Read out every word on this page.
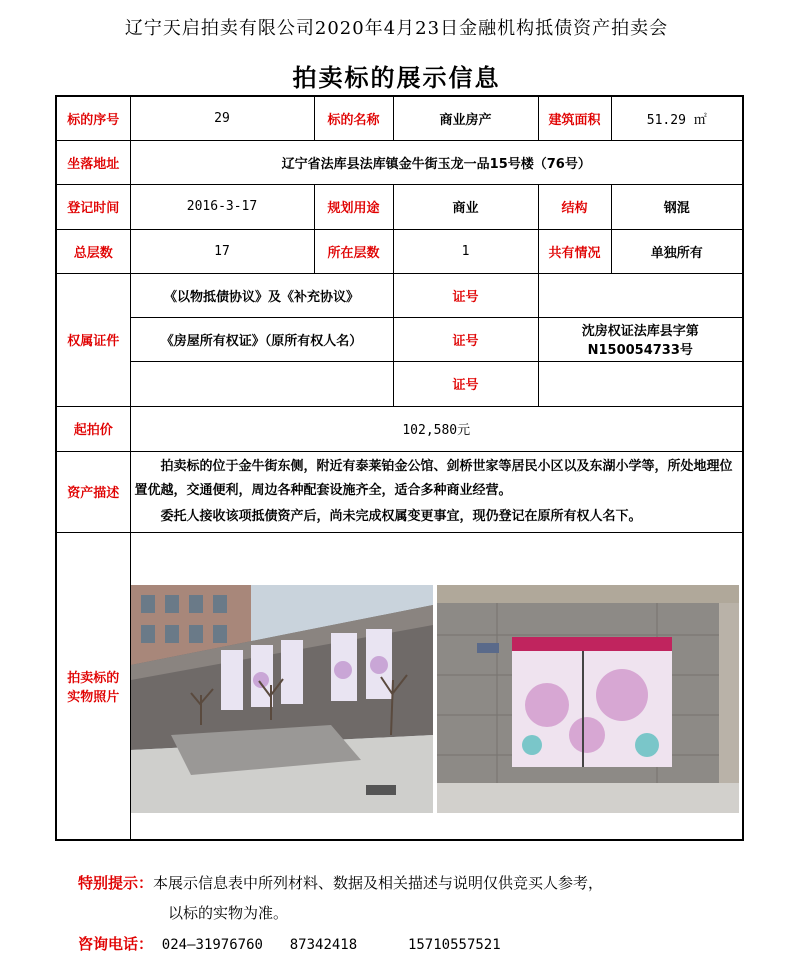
辽宁天启拍卖有限公司2020年4月23日金融机构抵债资产拍卖会
拍卖标的展示信息
标的序号	29	标的名称	商业房产	建筑面积	51.29 ㎡
坐落地址	辽宁省法库县法库镇金牛街玉龙一品15号楼（76号）				
登记时间	2016-3-17	规划用途	商业	结构	钢混
总层数	17	所在层数	1	共有情况	单独所有
权属证件	《以物抵债协议》及《补充协议》		证号		
	《房屋所有权证》（原所有权人名）		证号	沈房权证法库县字第 N150054733号	
			证号		
起拍价	102,580元				
资产描述	拍卖标的位于金牛街东侧，附近有泰莱铂金公馆、剑桥世家等居民小区以及东湖小学等，所处地理位置优越，交通便利，周边各种配套设施齐全，适合多种商业经营。

委托人接收该项抵债资产后，尚未完成权属变更事宜，现仍登记在原所有权人名下。				

拍卖标的
实物照片

特别提示：本展示信息表中所列材料、数据及相关描述与说明仅供竞买人参考，
以标的实物为准。
咨询电话： 024—31976760 87342418	15710557521
